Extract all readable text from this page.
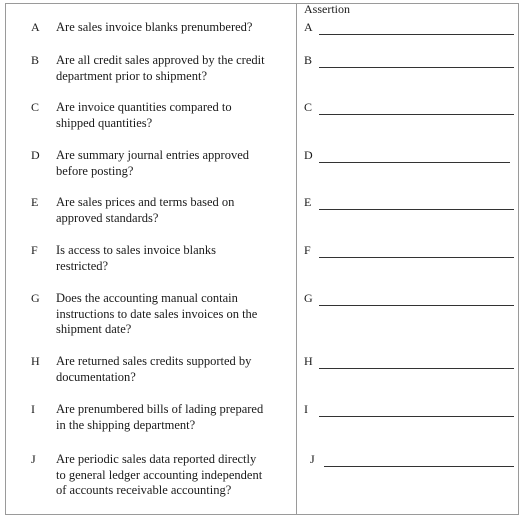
Assertion
A Are sales invoice blanks prenumbered?	A
B Are all credit sales approved by the credit
department prior to shipment?
B
C Are invoice quantities compared to
shipped quantities?
C
D Are summary journal entries approved
before posting?
D
E Are sales prices and terms based on
approved standards?
E
F Is access to sales invoice blanks
restricted?
F
G Does the accounting manual contain
instructions to date sales invoices on the
shipment date?
G
H Are returned sales credits supported by
documentation?
H
I Are prenumbered bills of lading prepared
in the shipping department?
I
J Are periodic sales data reported directly
to general ledger accounting independent
of accounts receivable accounting?
J
